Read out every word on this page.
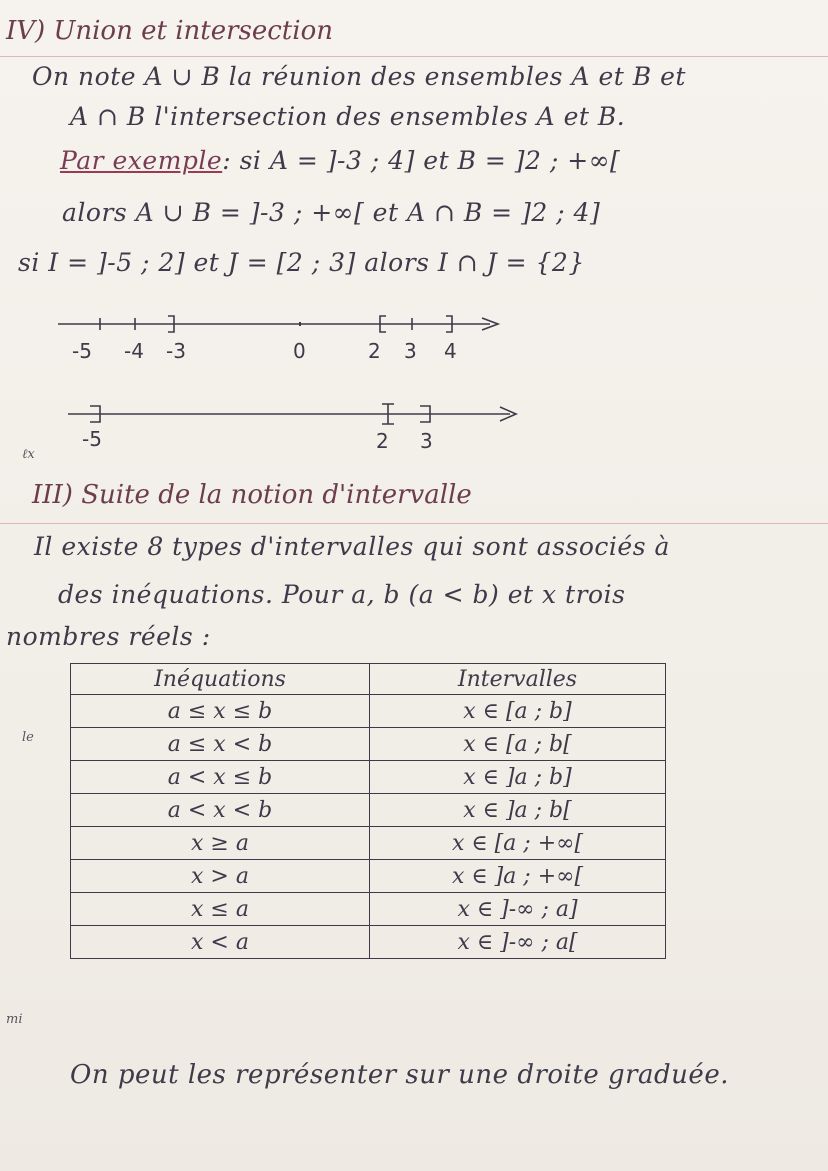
IV) Union et intersection
On note A ∪ B la réunion des ensembles A et B et
A ∩ B l'intersection des ensembles A et B.
Par exemple: si A = ]-3 ; 4] et B = ]2 ; +∞[
alors A ∪ B = ]-3 ; +∞[ et A ∩ B = ]2 ; 4]
si I = ]-5 ; 2] et J = [2 ; 3] alors I ∩ J = {2}
-5 -4 -3	0	2 3 4
-5	2 3
III) Suite de la notion d'intervalle
Il existe 8 types d'intervalles qui sont associés à
des inéquations. Pour a, b (a < b) et x trois
nombres réels :
Inéquations	Intervalles
a ≤ x ≤ b	x ∈ [a ; b]
a ≤ x < b	x ∈ [a ; b[
a < x ≤ b	x ∈ ]a ; b]
a < x < b	x ∈ ]a ; b[
x ≥ a	x ∈ [a ; +∞[
x > a	x ∈ ]a ; +∞[
x ≤ a	x ∈ ]-∞ ; a]
x < a	x ∈ ]-∞ ; a[
On peut les représenter sur une droite graduée.
ℓx
le
mi
